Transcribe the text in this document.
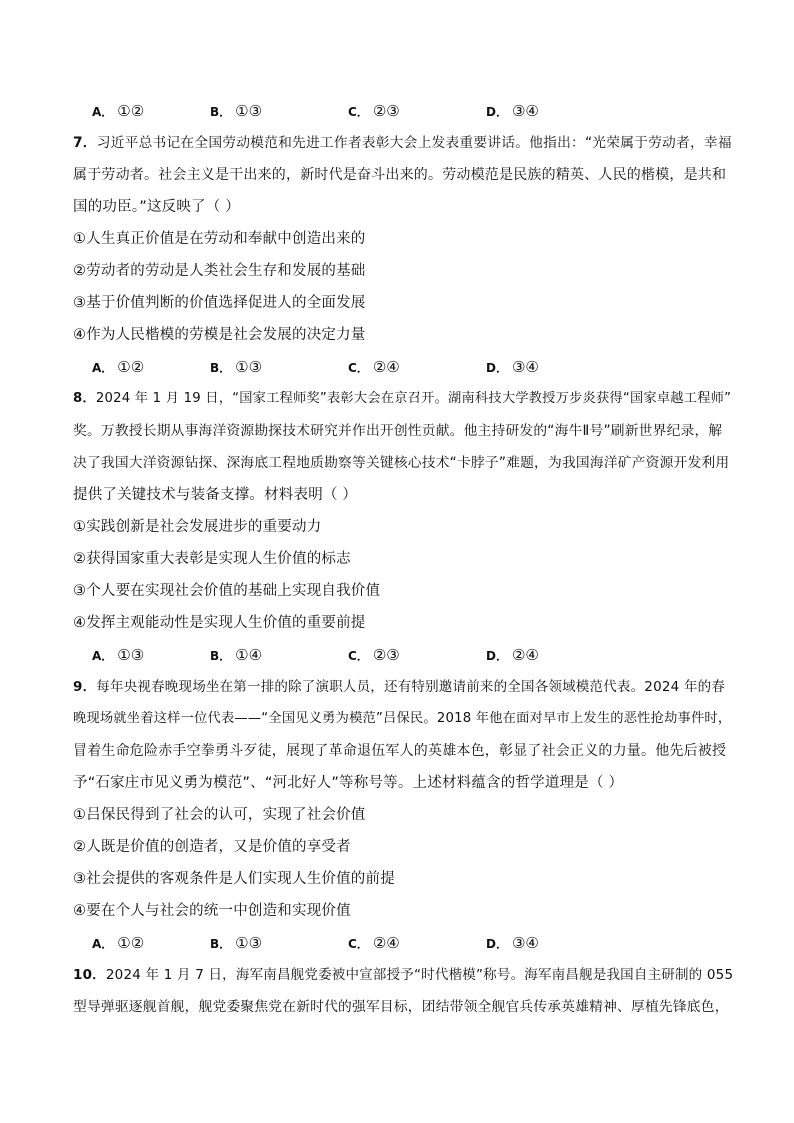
A． ①②	B． ①③	C． ②③	D． ③④
7．习近平总书记在全国劳动模范和先进工作者表彰大会上发表重要讲话。他指出：“光荣属于劳动者，幸福
属于劳动者。社会主义是干出来的，新时代是奋斗出来的。劳动模范是民族的精英、人民的楷模，是共和
国的功臣。”这反映了（ ）
①人生真正价值是在劳动和奉献中创造出来的
②劳动者的劳动是人类社会生存和发展的基础
③基于价值判断的价值选择促进人的全面发展
④作为人民楷模的劳模是社会发展的决定力量
A． ①②	B． ①③	C． ②④	D． ③④
8．2024 年 1 月 19 日，“国家工程师奖”表彰大会在京召开。湖南科技大学教授万步炎获得“国家卓越工程师”
奖。万教授长期从事海洋资源勘探技术研究并作出开创性贡献。他主持研发的“海牛Ⅱ号”刷新世界纪录，解
决了我国大洋资源钻探、深海底工程地质勘察等关键核心技术“卡脖子”难题，为我国海洋矿产资源开发利用
提供了关键技术与装备支撑。材料表明（ ）
①实践创新是社会发展进步的重要动力
②获得国家重大表彰是实现人生价值的标志
③个人要在实现社会价值的基础上实现自我价值
④发挥主观能动性是实现人生价值的重要前提
A． ①③	B． ①④	C． ②③	D． ②④
9．每年央视春晚现场坐在第一排的除了演职人员，还有特别邀请前来的全国各领域模范代表。2024 年的春
晚现场就坐着这样一位代表——“全国见义勇为模范”吕保民。2018 年他在面对早市上发生的恶性抢劫事件时，
冒着生命危险赤手空拳勇斗歹徒，展现了革命退伍军人的英雄本色，彰显了社会正义的力量。他先后被授
予“石家庄市见义勇为模范”、“河北好人”等称号等。上述材料蕴含的哲学道理是（ ）
①吕保民得到了社会的认可，实现了社会价值
②人既是价值的创造者，又是价值的享受者
③社会提供的客观条件是人们实现人生价值的前提
④要在个人与社会的统一中创造和实现价值
A． ①②	B． ①③	C． ②④	D． ③④
10．2024 年 1 月 7 日，海军南昌舰党委被中宣部授予“时代楷模”称号。海军南昌舰是我国自主研制的 055
型导弹驱逐舰首舰，舰党委聚焦党在新时代的强军目标，团结带领全舰官兵传承英雄精神、厚植先锋底色，
